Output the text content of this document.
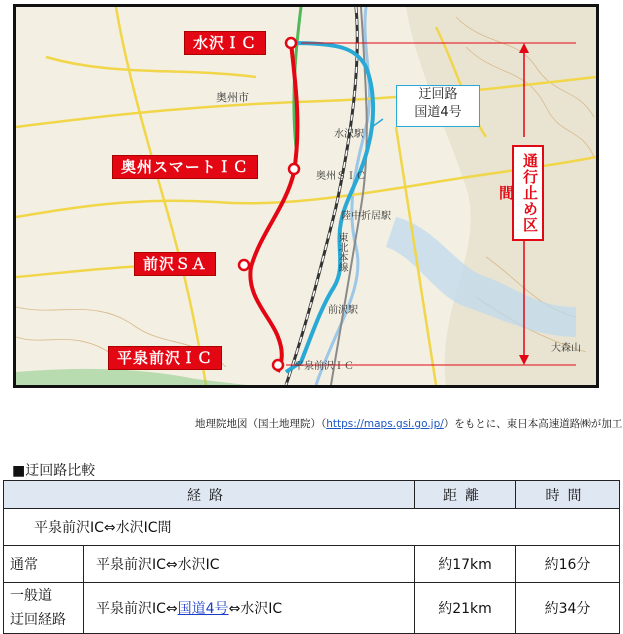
奥州市
水沢駅
奥州ＳＩＣ
陸中折居駅
前沢駅
平泉前沢ＩＣ
大森山
東北本線
水沢ＩＣ
奥州スマートＩＣ
前沢ＳＡ
平泉前沢ＩＣ
迂回路
国道4号
通行止め区間
地理院地図（国土地理院）（https://maps.gsi.go.jp/）をもとに、東日本高速道路㈱が加工
■迂回路比較
経路		距離	時間
平泉前沢IC⇔水沢IC間			
通常	平泉前沢IC⇔水沢IC	約17km	約16分

一般道
迂回経路	平泉前沢IC⇔国道4号⇔水沢IC	約21km	約34分
